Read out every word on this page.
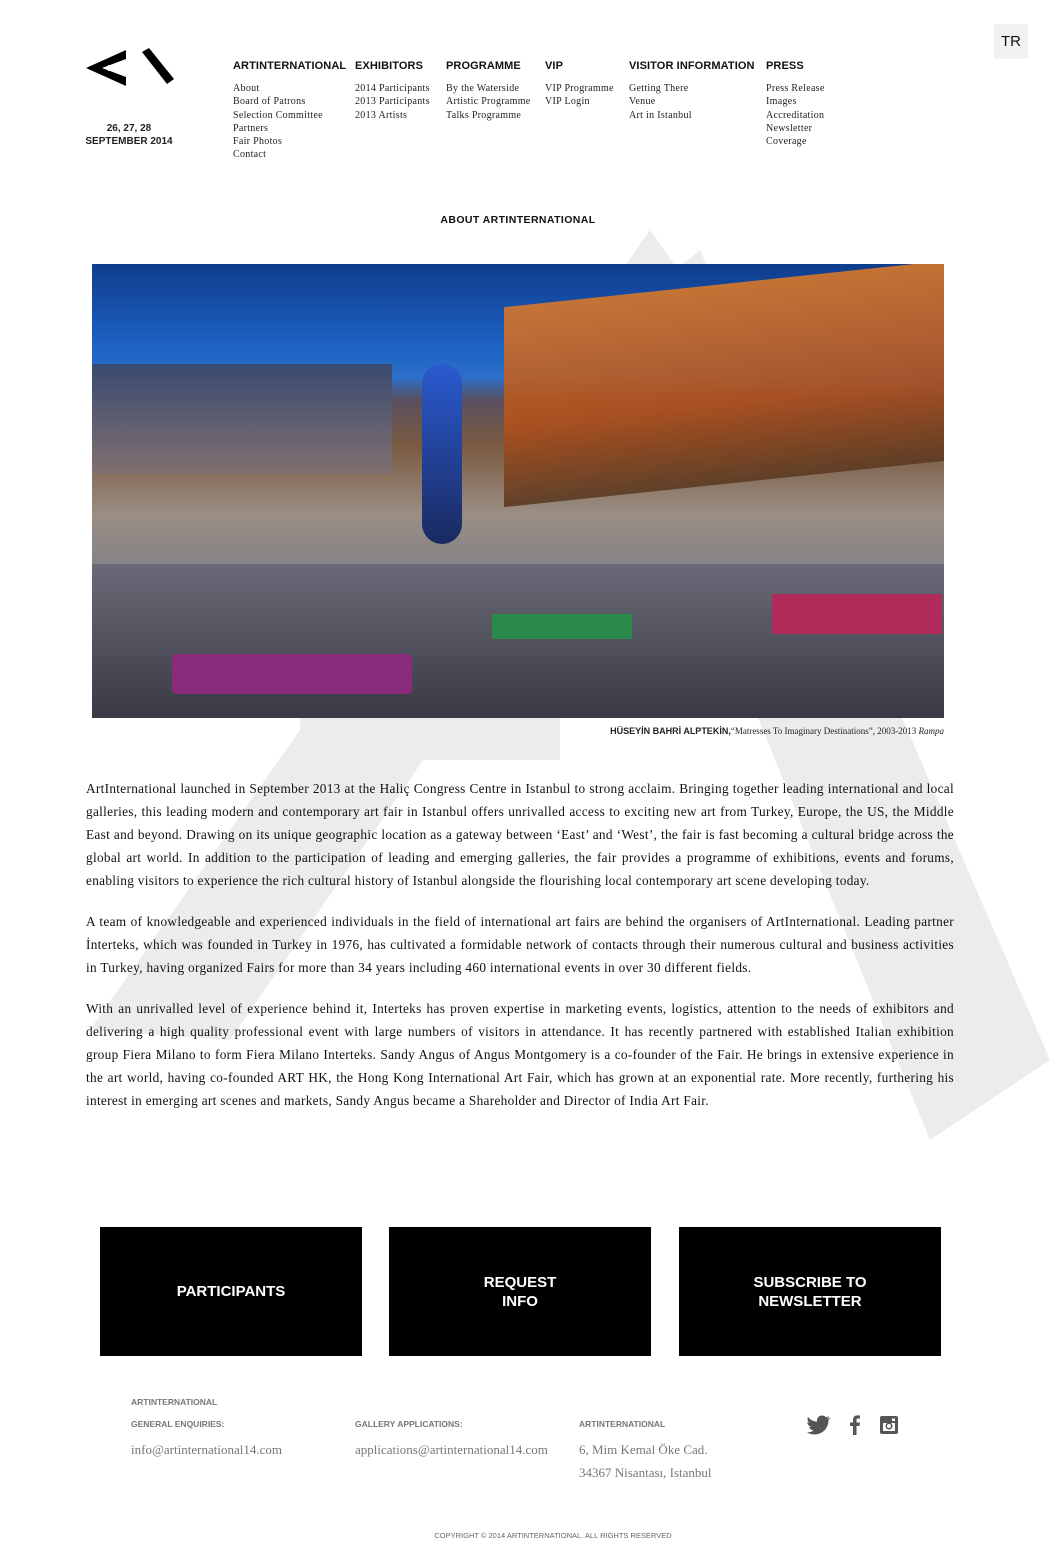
TR
26, 27, 28
SEPTEMBER 2014
ARTINTERNATIONAL
About
Board of Patrons
Selection Committee
Partners
Fair Photos
Contact
EXHIBITORS
2014 Participants
2013 Participants
2013 Artists
PROGRAMME
By the Waterside
Artistic Programme
Talks Programme
VIP
VIP Programme
VIP Login
VISITOR INFORMATION
Getting There
Venue
Art in Istanbul
PRESS
Press Release
Images
Accreditation
Newsletter
Coverage
ABOUT ARTINTERNATIONAL
HÜSEYİN BAHRİ ALPTEKİN,“Matresses To Imaginary Destinations”, 2003-2013 Rampa

ArtInternational launched in September 2013 at the Haliç Congress Centre in Istanbul to strong acclaim. Bringing together leading international and local galleries, this leading modern and contemporary art fair in Istanbul offers unrivalled access to exciting new art from Turkey, Europe, the US, the Middle East and beyond. Drawing on its unique geographic location as a gateway between ‘East’ and ‘West’, the fair is fast becoming a cultural bridge across the global art world. In addition to the participation of leading and emerging galleries, the fair provides a programme of exhibitions, events and forums, enabling visitors to experience the rich cultural history of Istanbul alongside the flourishing local contemporary art scene developing today.

A team of knowledgeable and experienced individuals in the field of international art fairs are behind the organisers of ArtInternational. Leading partner İnterteks, which was founded in Turkey in 1976, has cultivated a formidable network of contacts through their numerous cultural and business activities in Turkey, having organized Fairs for more than 34 years including 460 international events in over 30 different fields.

With an unrivalled level of experience behind it, Interteks has proven expertise in marketing events, logistics, attention to the needs of exhibitors and delivering a high quality professional event with large numbers of visitors in attendance. It has recently partnered with established Italian exhibition group Fiera Milano to form Fiera Milano Interteks. Sandy Angus of Angus Montgomery is a co-founder of the Fair. He brings in extensive experience in the art world, having co-founded ART HK, the Hong Kong International Art Fair, which has grown at an exponential rate. More recently, furthering his interest in emerging art scenes and markets, Sandy Angus became a Shareholder and Director of India Art Fair.

PARTICIPANTS
REQUEST
INFO
SUBSCRIBE TO
NEWSLETTER
ARTINTERNATIONAL
GENERAL ENQUIRIES:
info@artinternational14.com
GALLERY APPLICATIONS:
applications@artinternational14.com
ARTINTERNATIONAL
6, Mim Kemal Öke Cad.
34367 Nisantası, Istanbul
COPYRIGHT © 2014 ARTINTERNATIONAL. ALL RIGHTS RESERVED
